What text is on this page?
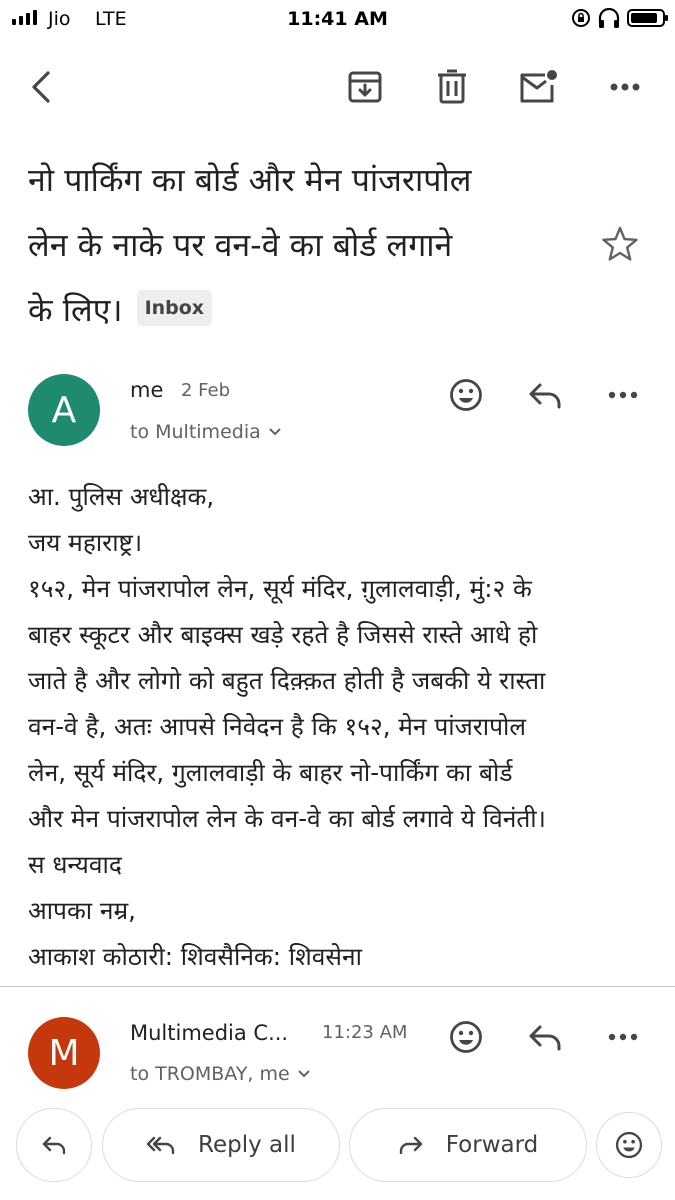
Jio LTE	11:41 AM
नो पार्किंग का बोर्ड और मेन पांजरापोल
लेन के नाके पर वन-वे का बोर्ड लगाने
के लिए। Inbox
A	me 2 Feb
to Multimedia
आ. पुलिस अधीक्षक,
जय महाराष्ट्र।
१५२, मेन पांजरापोल लेन, सूर्य मंदिर, ग़ुलालवाड़ी, मुं:२ के
बाहर स्कूटर और बाइक्स खड़े रहते है जिससे रास्ते आधे हो
जाते है और लोगो को बहुत दिक़्क़त होती है जबकी ये रास्ता
वन-वे है, अतः आपसे निवेदन है कि १५२, मेन पांजरापोल
लेन, सूर्य मंदिर, गुलालवाड़ी के बाहर नो-पार्किंग का बोर्ड
और मेन पांजरापोल लेन के वन-वे का बोर्ड लगावे ये विनंती।
स धन्यवाद
आपका नम्र,
आकाश कोठारी: शिवसैनिक: शिवसेना
M	Multimedia C... 11:23 AM
to TROMBAY, me
Reply all	Forward
